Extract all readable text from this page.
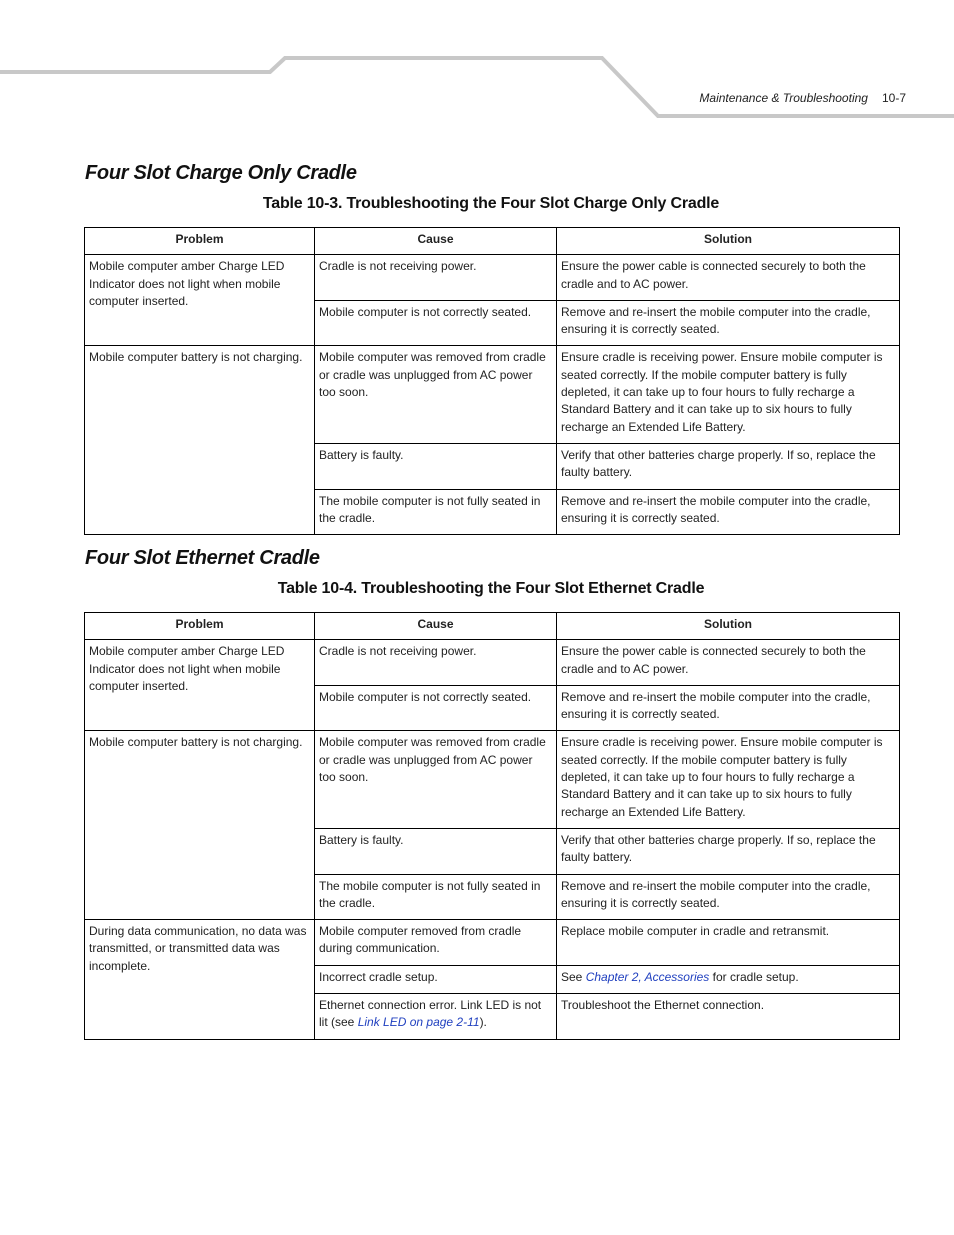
Maintenance & Troubleshooting 10-7
Four Slot Charge Only Cradle
Table 10-3. Troubleshooting the Four Slot Charge Only Cradle
Problem	Cause	Solution
Mobile computer amber Charge LED Indicator does not light when mobile computer inserted.	Cradle is not receiving power.	Ensure the power cable is connected securely to both the cradle and to AC power.
	Mobile computer is not correctly seated.	Remove and re-insert the mobile computer into the cradle, ensuring it is correctly seated.
Mobile computer battery is not charging.	Mobile computer was removed from cradle or cradle was unplugged from AC power too soon.	Ensure cradle is receiving power. Ensure mobile computer is seated correctly. If the mobile computer battery is fully depleted, it can take up to four hours to fully recharge a Standard Battery and it can take up to six hours to fully recharge an Extended Life Battery.
	Battery is faulty.	Verify that other batteries charge properly. If so, replace the faulty battery.
	The mobile computer is not fully seated in the cradle.	Remove and re-insert the mobile computer into the cradle, ensuring it is correctly seated.
Four Slot Ethernet Cradle
Table 10-4. Troubleshooting the Four Slot Ethernet Cradle
Problem	Cause	Solution
Mobile computer amber Charge LED Indicator does not light when mobile computer inserted.	Cradle is not receiving power.	Ensure the power cable is connected securely to both the cradle and to AC power.
	Mobile computer is not correctly seated.	Remove and re-insert the mobile computer into the cradle, ensuring it is correctly seated.
Mobile computer battery is not charging.	Mobile computer was removed from cradle or cradle was unplugged from AC power too soon.	Ensure cradle is receiving power. Ensure mobile computer is seated correctly. If the mobile computer battery is fully depleted, it can take up to four hours to fully recharge a Standard Battery and it can take up to six hours to fully recharge an Extended Life Battery.
	Battery is faulty.	Verify that other batteries charge properly. If so, replace the faulty battery.
	The mobile computer is not fully seated in the cradle.	Remove and re-insert the mobile computer into the cradle, ensuring it is correctly seated.
During data communication, no data was transmitted, or transmitted data was incomplete.	Mobile computer removed from cradle during communication.	Replace mobile computer in cradle and retransmit.
	Incorrect cradle setup.	See Chapter 2, Accessories for cradle setup.
	Ethernet connection error. Link LED is not lit (see Link LED on page 2-11).	Troubleshoot the Ethernet connection.
